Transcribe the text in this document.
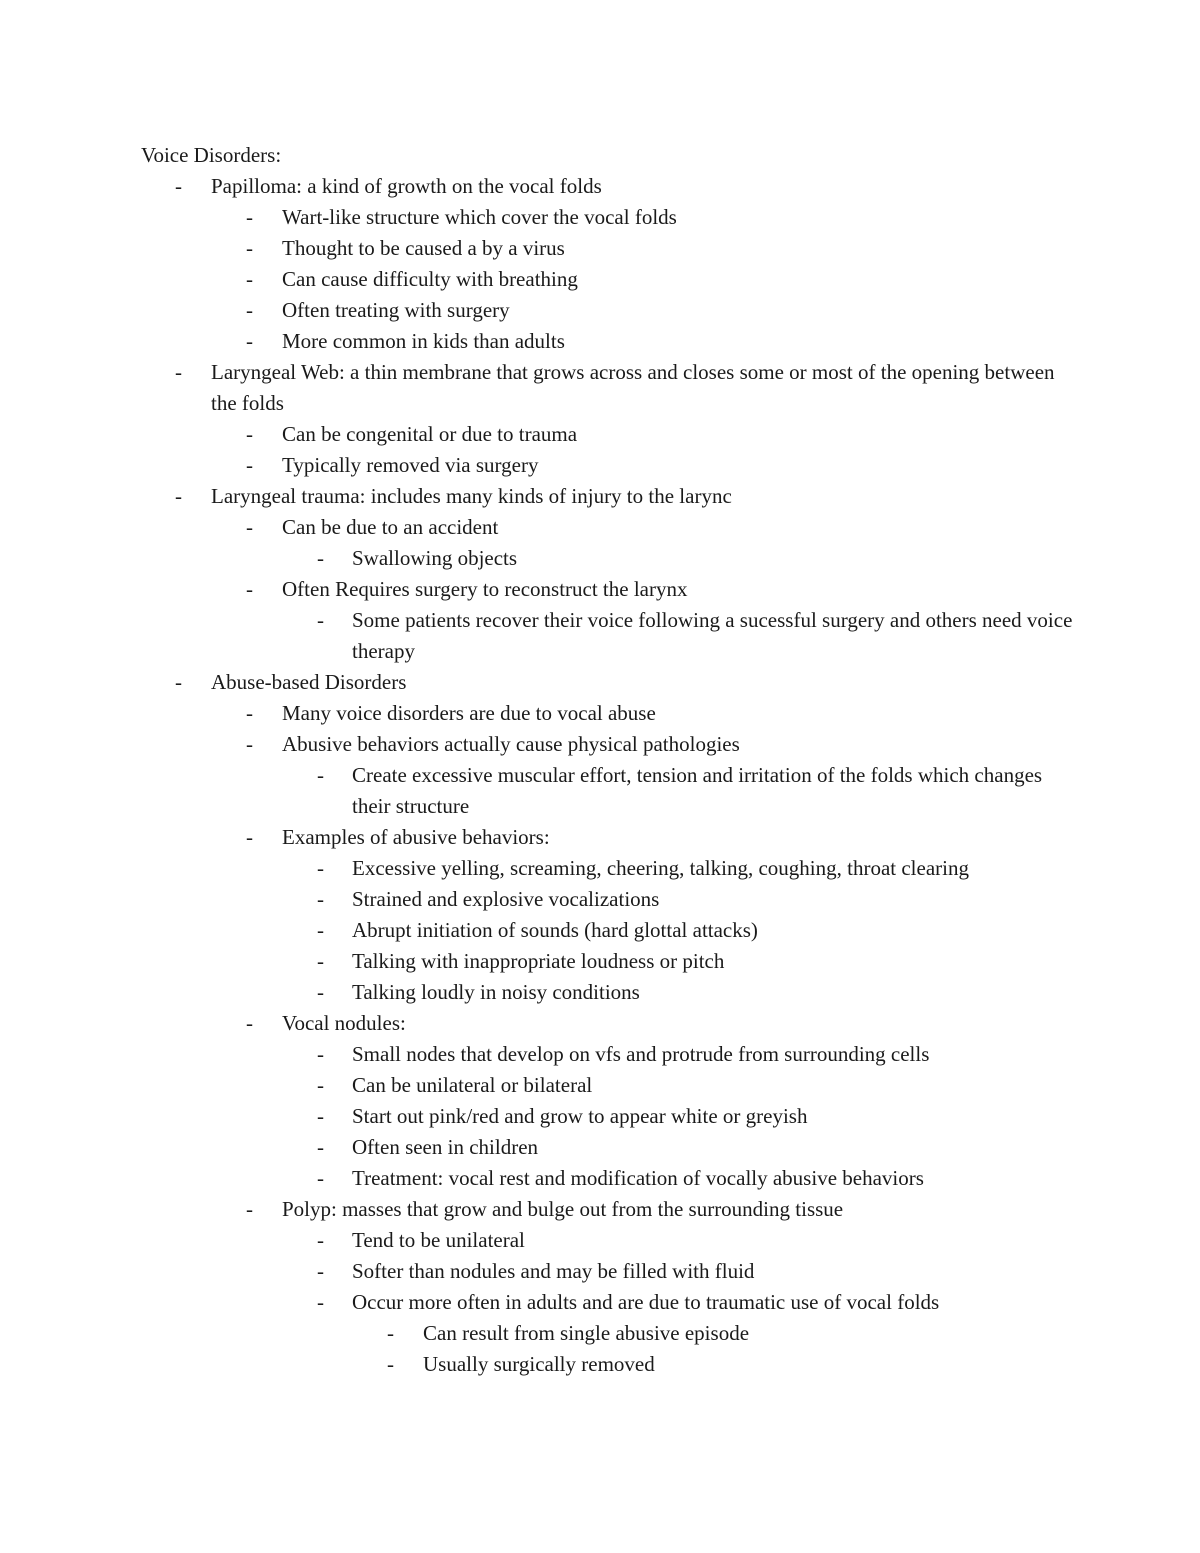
Voice Disorders:

- Papilloma: a kind of growth on the vocal folds
- Wart-like structure which cover the vocal folds
- Thought to be caused a by a virus
- Can cause difficulty with breathing
- Often treating with surgery
- More common in kids than adults
- Laryngeal Web: a thin membrane that grows across and closes some or most of the opening between the folds
- Can be congenital or due to trauma
- Typically removed via surgery
- Laryngeal trauma: includes many kinds of injury to the larync
- Can be due to an accident
- Swallowing objects
- Often Requires surgery to reconstruct the larynx
- Some patients recover their voice following a sucessful surgery and others need voice therapy
- Abuse-based Disorders
- Many voice disorders are due to vocal abuse
- Abusive behaviors actually cause physical pathologies
- Create excessive muscular effort, tension and irritation of the folds which changes their structure
- Examples of abusive behaviors:
- Excessive yelling, screaming, cheering, talking, coughing, throat clearing
- Strained and explosive vocalizations
- Abrupt initiation of sounds (hard glottal attacks)
- Talking with inappropriate loudness or pitch
- Talking loudly in noisy conditions
- Vocal nodules:
- Small nodes that develop on vfs and protrude from surrounding cells
- Can be unilateral or bilateral
- Start out pink/red and grow to appear white or greyish
- Often seen in children
- Treatment: vocal rest and modification of vocally abusive behaviors
- Polyp: masses that grow and bulge out from the surrounding tissue
- Tend to be unilateral
- Softer than nodules and may be filled with fluid
- Occur more often in adults and are due to traumatic use of vocal folds
- Can result from single abusive episode
- Usually surgically removed
